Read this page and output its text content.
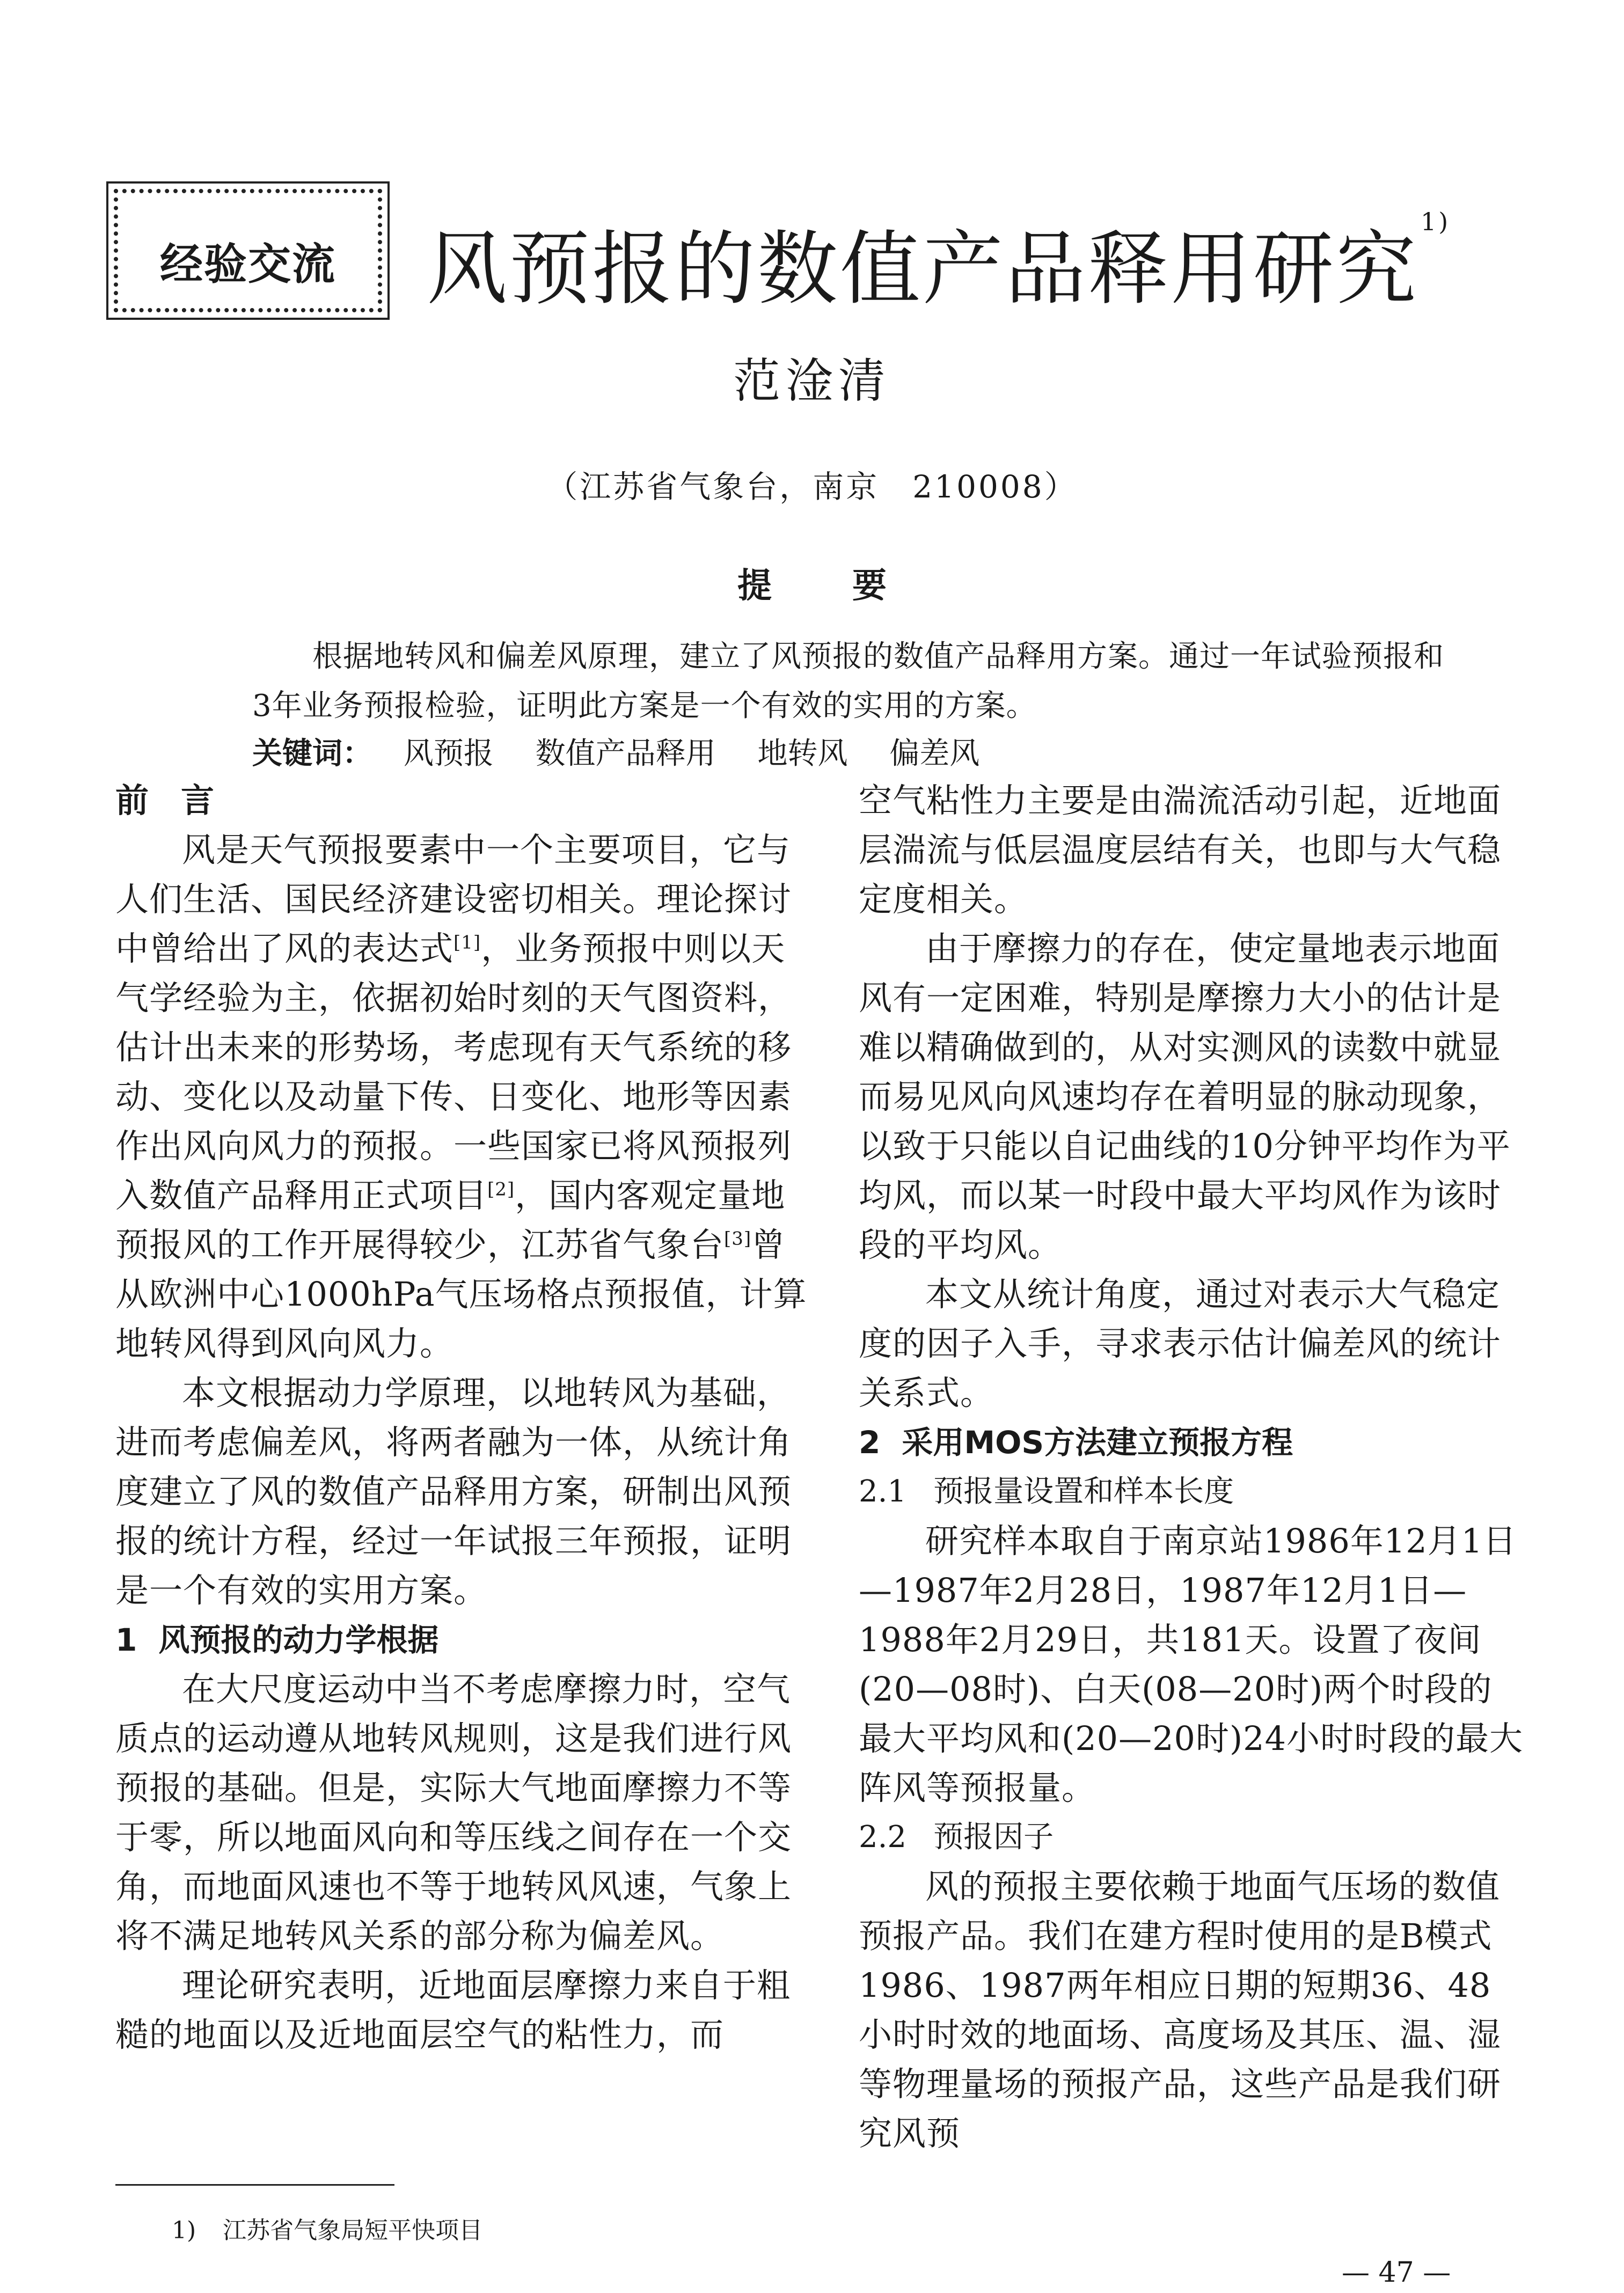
经验交流	风预报的数值产品释用研究$^{1)}$
范淦清
（江苏省气象台，南京　210008）
提要
根据地转风和偏差风原理，建立了风预报的数值产品释用方案。通过一年试验预报和3年业务预报检验，证明此方案是一个有效的实用的方案。
关键词： 风预报 数值产品释用 地转风 偏差风
前言

风是天气预报要素中一个主要项目，它与人们生活、国民经济建设密切相关。理论探讨中曾给出了风的表达式[1]，业务预报中则以天气学经验为主，依据初始时刻的天气图资料，估计出未来的形势场，考虑现有天气系统的移动、变化以及动量下传、日变化、地形等因素作出风向风力的预报。一些国家已将风预报列入数值产品释用正式项目[2]，国内客观定量地预报风的工作开展得较少，江苏省气象台[3]曾从欧洲中心1000hPa气压场格点预报值，计算地转风得到风向风力。

本文根据动力学原理，以地转风为基础，进而考虑偏差风，将两者融为一体，从统计角度建立了风的数值产品释用方案，研制出风预报的统计方程，经过一年试报三年预报，证明是一个有效的实用方案。

1 风预报的动力学根据

在大尺度运动中当不考虑摩擦力时，空气质点的运动遵从地转风规则，这是我们进行风预报的基础。但是，实际大气地面摩擦力不等于零，所以地面风向和等压线之间存在一个交角，而地面风速也不等于地转风风速，气象上将不满足地转风关系的部分称为偏差风。

理论研究表明，近地面层摩擦力来自于粗糙的地面以及近地面层空气的粘性力，而

空气粘性力主要是由湍流活动引起，近地面层湍流与低层温度层结有关，也即与大气稳定度相关。

由于摩擦力的存在，使定量地表示地面风有一定困难，特别是摩擦力大小的估计是难以精确做到的，从对实测风的读数中就显而易见风向风速均存在着明显的脉动现象，以致于只能以自记曲线的10分钟平均作为平均风，而以某一时段中最大平均风作为该时段的平均风。

本文从统计角度，通过对表示大气稳定度的因子入手，寻求表示估计偏差风的统计关系式。

2 采用MOS方法建立预报方程
2.1 预报量设置和样本长度

研究样本取自于南京站1986年12月1日—1987年2月28日，1987年12月1日—1988年2月29日，共181天。设置了夜间(20—08时)、白天(08—20时)两个时段的最大平均风和(20—20时)24小时时段的最大阵风等预报量。

2.2 预报因子

风的预报主要依赖于地面气压场的数值预报产品。我们在建方程时使用的是B模式1986、1987两年相应日期的短期36、48小时时效的地面场、高度场及其压、温、湿等物理量场的预报产品，这些产品是我们研究风预

1) 江苏省气象局短平快项目
— 47 —
